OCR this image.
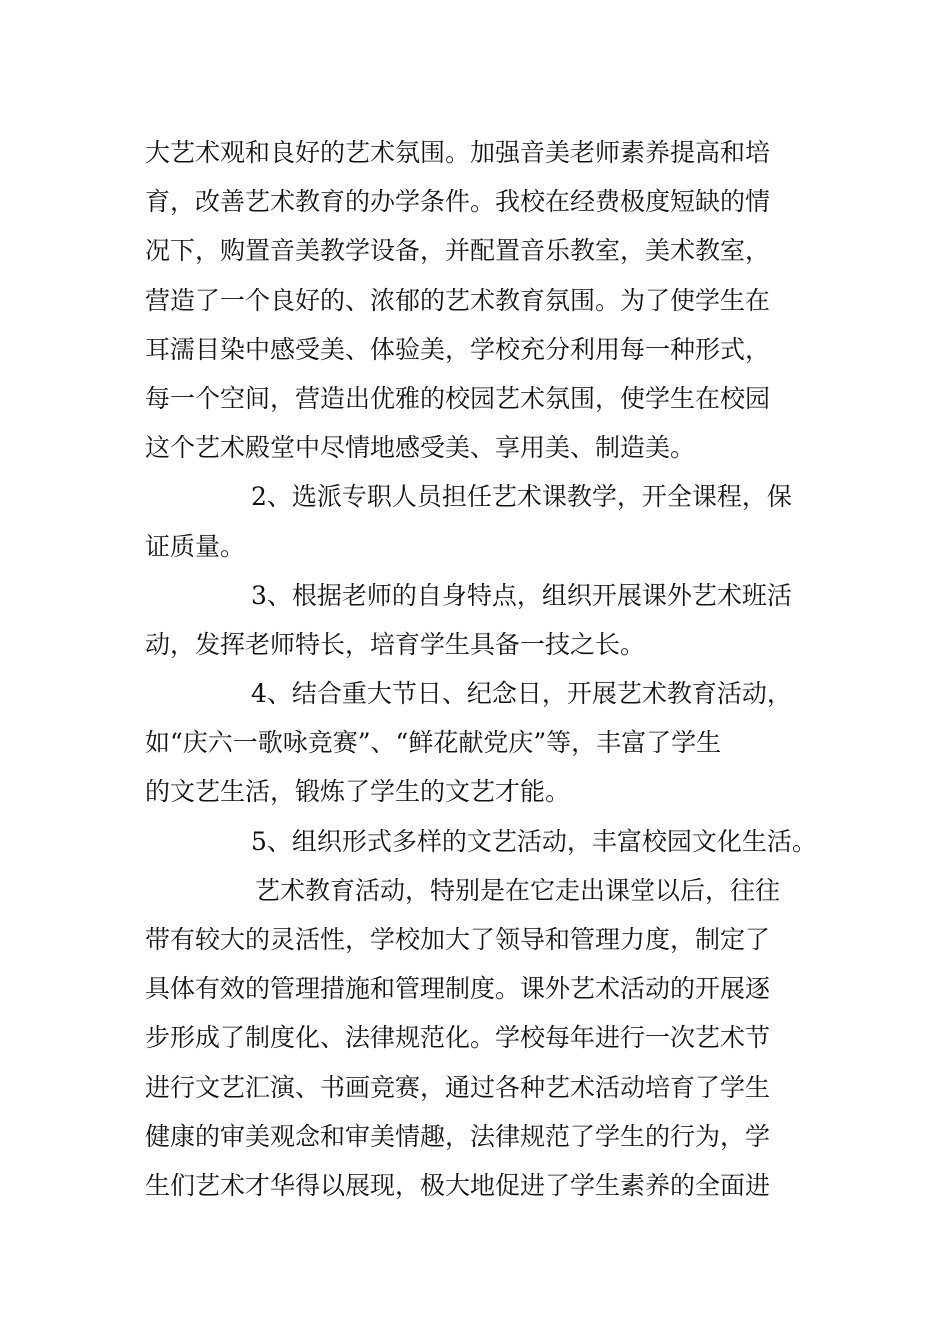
大艺术观和良好的艺术氛围。加强音美老师素养提高和培
育，改善艺术教育的办学条件。我校在经费极度短缺的情
况下，购置音美教学设备，并配置音乐教室，美术教室，
营造了一个良好的、浓郁的艺术教育氛围。为了使学生在
耳濡目染中感受美、体验美，学校充分利用每一种形式，
每一个空间，营造出优雅的校园艺术氛围，使学生在校园
这个艺术殿堂中尽情地感受美、享用美、制造美。
2、选派专职人员担任艺术课教学，开全课程，保
证质量。
3、根据老师的自身特点，组织开展课外艺术班活
动，发挥老师特长，培育学生具备一技之长。
4、结合重大节日、纪念日，开展艺术教育活动，
如“庆六一歌咏竞赛”、“鲜花献党庆”等，丰富了学生
的文艺生活，锻炼了学生的文艺才能。
5、组织形式多样的文艺活动，丰富校园文化生活。
艺术教育活动，特别是在它走出课堂以后，往往
带有较大的灵活性，学校加大了领导和管理力度，制定了
具体有效的管理措施和管理制度。课外艺术活动的开展逐
步形成了制度化、法律规范化。学校每年进行一次艺术节
进行文艺汇演、书画竞赛，通过各种艺术活动培育了学生
健康的审美观念和审美情趣，法律规范了学生的行为，学
生们艺术才华得以展现，极大地促进了学生素养的全面进
